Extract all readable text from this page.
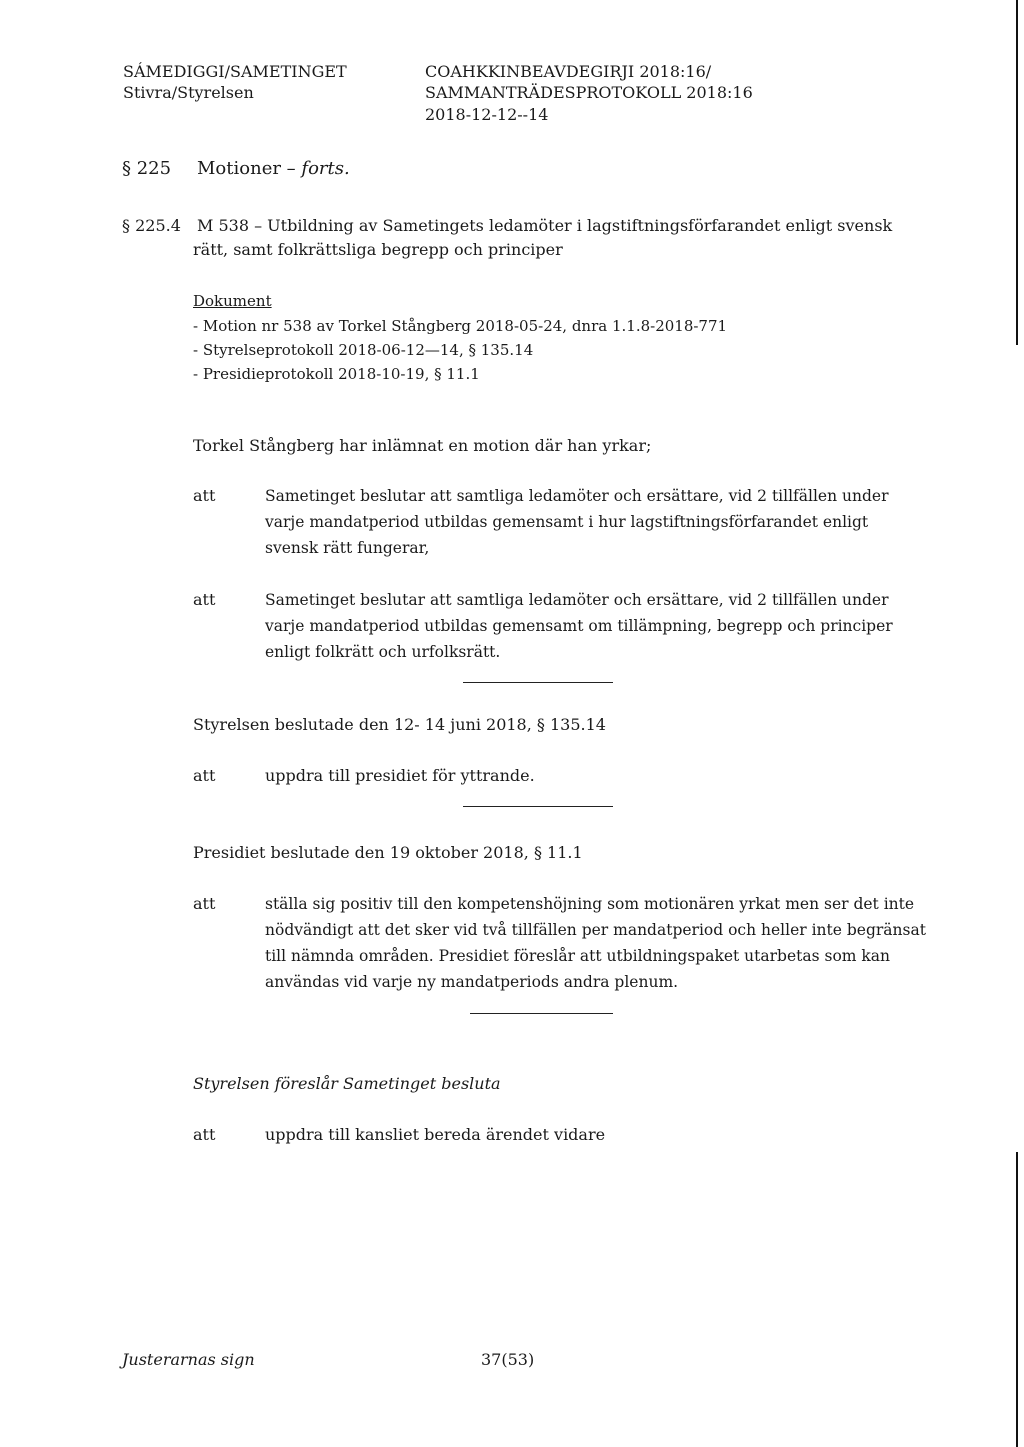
SÁMEDIGGI/SAMETINGET
Stivra/Styrelsen
COAHKKINBEAVDEGIRJI 2018:16/
SAMMANTRÄDESPROTOKOLL 2018:16
2018-12-12--14
§ 225 Motioner – forts.
§ 225.4 M 538 – Utbildning av Sametingets ledamöter i lagstiftningsförfarandet enligt svensk
rätt, samt folkrättsliga begrepp och principer
Dokument
- Motion nr 538 av Torkel Stångberg 2018-05-24, dnra 1.1.8-2018-771
- Styrelseprotokoll 2018-06-12—14, § 135.14
- Presidieprotokoll 2018-10-19, § 11.1
Torkel Stångberg har inlämnat en motion där han yrkar;
att	Sametinget beslutar att samtliga ledamöter och ersättare, vid 2 tillfällen under
varje mandatperiod utbildas gemensamt i hur lagstiftningsförfarandet enligt
svensk rätt fungerar,
att	Sametinget beslutar att samtliga ledamöter och ersättare, vid 2 tillfällen under
varje mandatperiod utbildas gemensamt om tillämpning, begrepp och principer
enligt folkrätt och urfolksrätt.
Styrelsen beslutade den 12- 14 juni 2018, § 135.14
att	uppdra till presidiet för yttrande.
Presidiet beslutade den 19 oktober 2018, § 11.1
att	ställa sig positiv till den kompetenshöjning som motionären yrkat men ser det inte
nödvändigt att det sker vid två tillfällen per mandatperiod och heller inte begränsat
till nämnda områden. Presidiet föreslår att utbildningspaket utarbetas som kan
användas vid varje ny mandatperiods andra plenum.
Styrelsen föreslår Sametinget besluta
att	uppdra till kansliet bereda ärendet vidare
Justerarnas sign	37(53)
